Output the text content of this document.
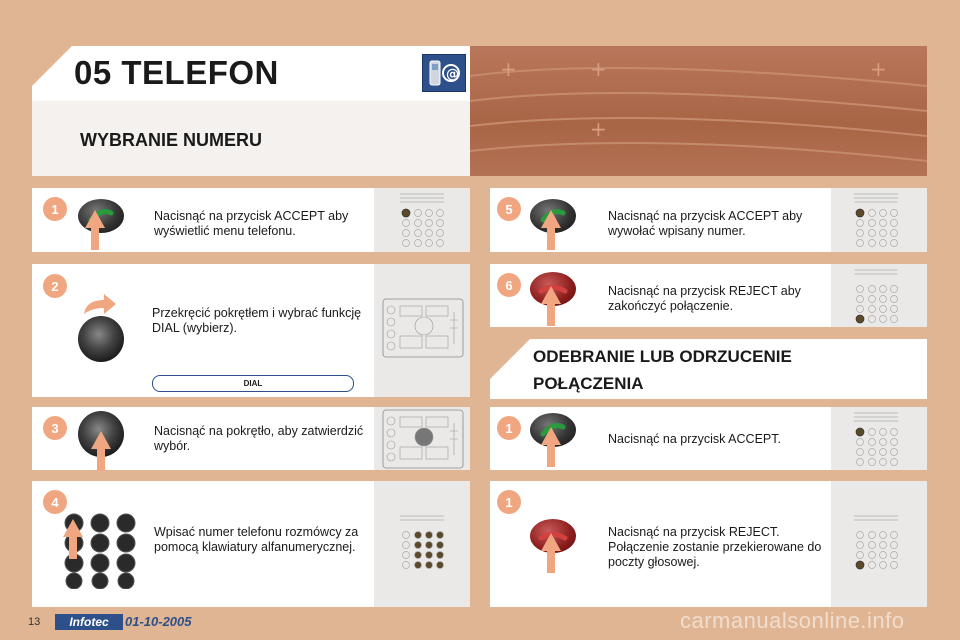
+	+	+
+
05 TELEFON	@
WYBRANIE NUMERU
1	Nacisnąć na przycisk ACCEPT aby wyświetlić menu telefonu.
2
Przekręcić pokrętłem i wybrać funkcję DIAL (wybierz).
DIAL
3	Nacisnąć na pokrętło, aby zatwierdzić wybór.
4
Wpisać numer telefonu rozmówcy za pomocą klawiatury alfanumerycznej.
5	Nacisnąć na przycisk ACCEPT aby wywołać wpisany numer.
6	Nacisnąć na przycisk REJECT aby zakończyć połączenie.
ODEBRANIE LUB ODRZUCENIE
POŁĄCZENIA
1
Nacisnąć na przycisk ACCEPT.
1
Nacisnąć na przycisk REJECT. Połączenie zostanie przekierowane do poczty głosowej.
13	Infotec	01-10-2005	carmanualsonline.info
